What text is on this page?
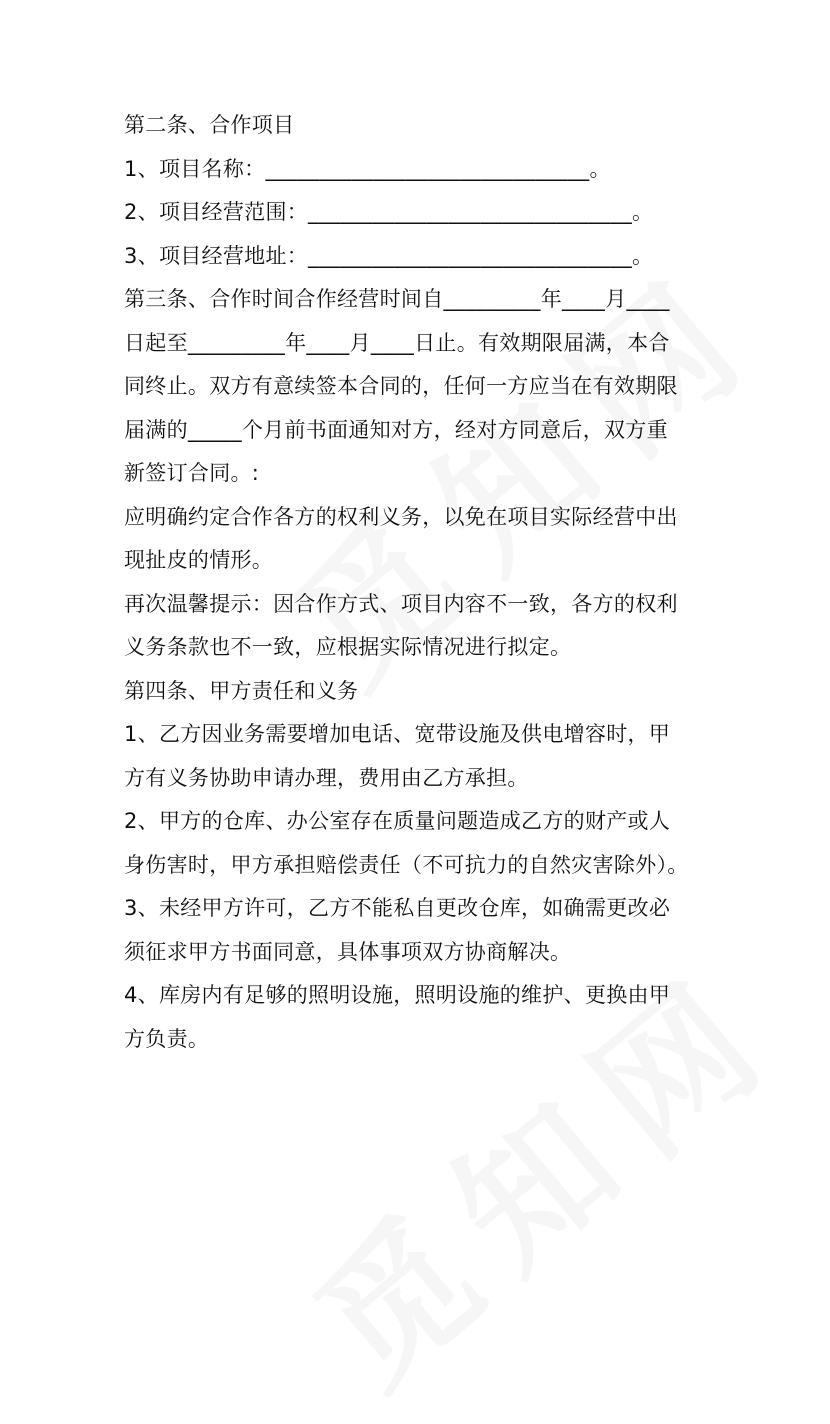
第二条、合作项目

1、项目名称：______________________________。

2、项目经营范围：______________________________。

3、项目经营地址：______________________________。

第三条、合作时间合作经营时间自_________年____月____

日起至_________年____月____日止。有效期限届满，本合

同终止。双方有意续签本合同的，任何一方应当在有效期限

届满的_____个月前书面通知对方，经对方同意后，双方重

新签订合同。:

应明确约定合作各方的权利义务，以免在项目实际经营中出

现扯皮的情形。

再次温馨提示：因合作方式、项目内容不一致，各方的权利

义务条款也不一致，应根据实际情况进行拟定。

第四条、甲方责任和义务

1、乙方因业务需要增加电话、宽带设施及供电增容时，甲

方有义务协助申请办理，费用由乙方承担。

2、甲方的仓库、办公室存在质量问题造成乙方的财产或人

身伤害时，甲方承担赔偿责任（不可抗力的自然灾害除外）。

3、未经甲方许可，乙方不能私自更改仓库，如确需更改必

须征求甲方书面同意，具体事项双方协商解决。

4、库房内有足够的照明设施，照明设施的维护、更换由甲

方负责。
